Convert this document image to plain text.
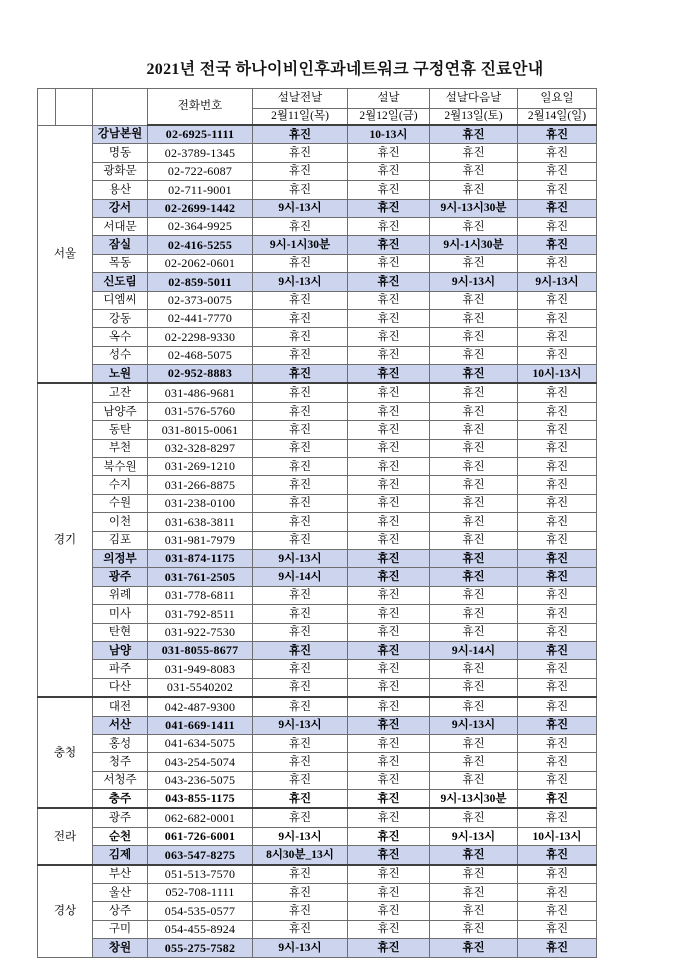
2021년 전국 하나이비인후과네트워크 구정연휴 진료안내
			전화번호	설날전날	설날	설날다음날	일요일
				2월11일(목)	2월12일(금)	2월13일(토)	2월14일(일)
서울		강남본원	02-6925-1111	휴진	10-13시	휴진	휴진
		명동	02-3789-1345	휴진	휴진	휴진	휴진
		광화문	02-722-6087	휴진	휴진	휴진	휴진
		용산	02-711-9001	휴진	휴진	휴진	휴진
		강서	02-2699-1442	9시-13시	휴진	9시-13시30분	휴진
		서대문	02-364-9925	휴진	휴진	휴진	휴진
		잠실	02-416-5255	9시-1시30분	휴진	9시-1시30분	휴진
		목동	02-2062-0601	휴진	휴진	휴진	휴진
		신도림	02-859-5011	9시-13시	휴진	9시-13시	9시-13시
		디엠씨	02-373-0075	휴진	휴진	휴진	휴진
		강동	02-441-7770	휴진	휴진	휴진	휴진
		옥수	02-2298-9330	휴진	휴진	휴진	휴진
		성수	02-468-5075	휴진	휴진	휴진	휴진
		노원	02-952-8883	휴진	휴진	휴진	10시-13시
경기		고잔	031-486-9681	휴진	휴진	휴진	휴진
		남양주	031-576-5760	휴진	휴진	휴진	휴진
		동탄	031-8015-0061	휴진	휴진	휴진	휴진
		부천	032-328-8297	휴진	휴진	휴진	휴진
		북수원	031-269-1210	휴진	휴진	휴진	휴진
		수지	031-266-8875	휴진	휴진	휴진	휴진
		수원	031-238-0100	휴진	휴진	휴진	휴진
		이천	031-638-3811	휴진	휴진	휴진	휴진
		김포	031-981-7979	휴진	휴진	휴진	휴진
		의정부	031-874-1175	9시-13시	휴진	휴진	휴진
		광주	031-761-2505	9시-14시	휴진	휴진	휴진
		위례	031-778-6811	휴진	휴진	휴진	휴진
		미사	031-792-8511	휴진	휴진	휴진	휴진
		탄현	031-922-7530	휴진	휴진	휴진	휴진
		남양	031-8055-8677	휴진	휴진	9시-14시	휴진
		파주	031-949-8083	휴진	휴진	휴진	휴진
		다산	031-5540202	휴진	휴진	휴진	휴진
충청		대전	042-487-9300	휴진	휴진	휴진	휴진
		서산	041-669-1411	9시-13시	휴진	9시-13시	휴진
		홍성	041-634-5075	휴진	휴진	휴진	휴진
		청주	043-254-5074	휴진	휴진	휴진	휴진
		서청주	043-236-5075	휴진	휴진	휴진	휴진
		충주	043-855-1175	휴진	휴진	9시-13시30분	휴진
전라		광주	062-682-0001	휴진	휴진	휴진	휴진
		순천	061-726-6001	9시-13시	휴진	9시-13시	10시-13시
		김제	063-547-8275	8시30분_13시	휴진	휴진	휴진
경상		부산	051-513-7570	휴진	휴진	휴진	휴진
		울산	052-708-1111	휴진	휴진	휴진	휴진
		상주	054-535-0577	휴진	휴진	휴진	휴진
		구미	054-455-8924	휴진	휴진	휴진	휴진
		창원	055-275-7582	9시-13시	휴진	휴진	휴진
